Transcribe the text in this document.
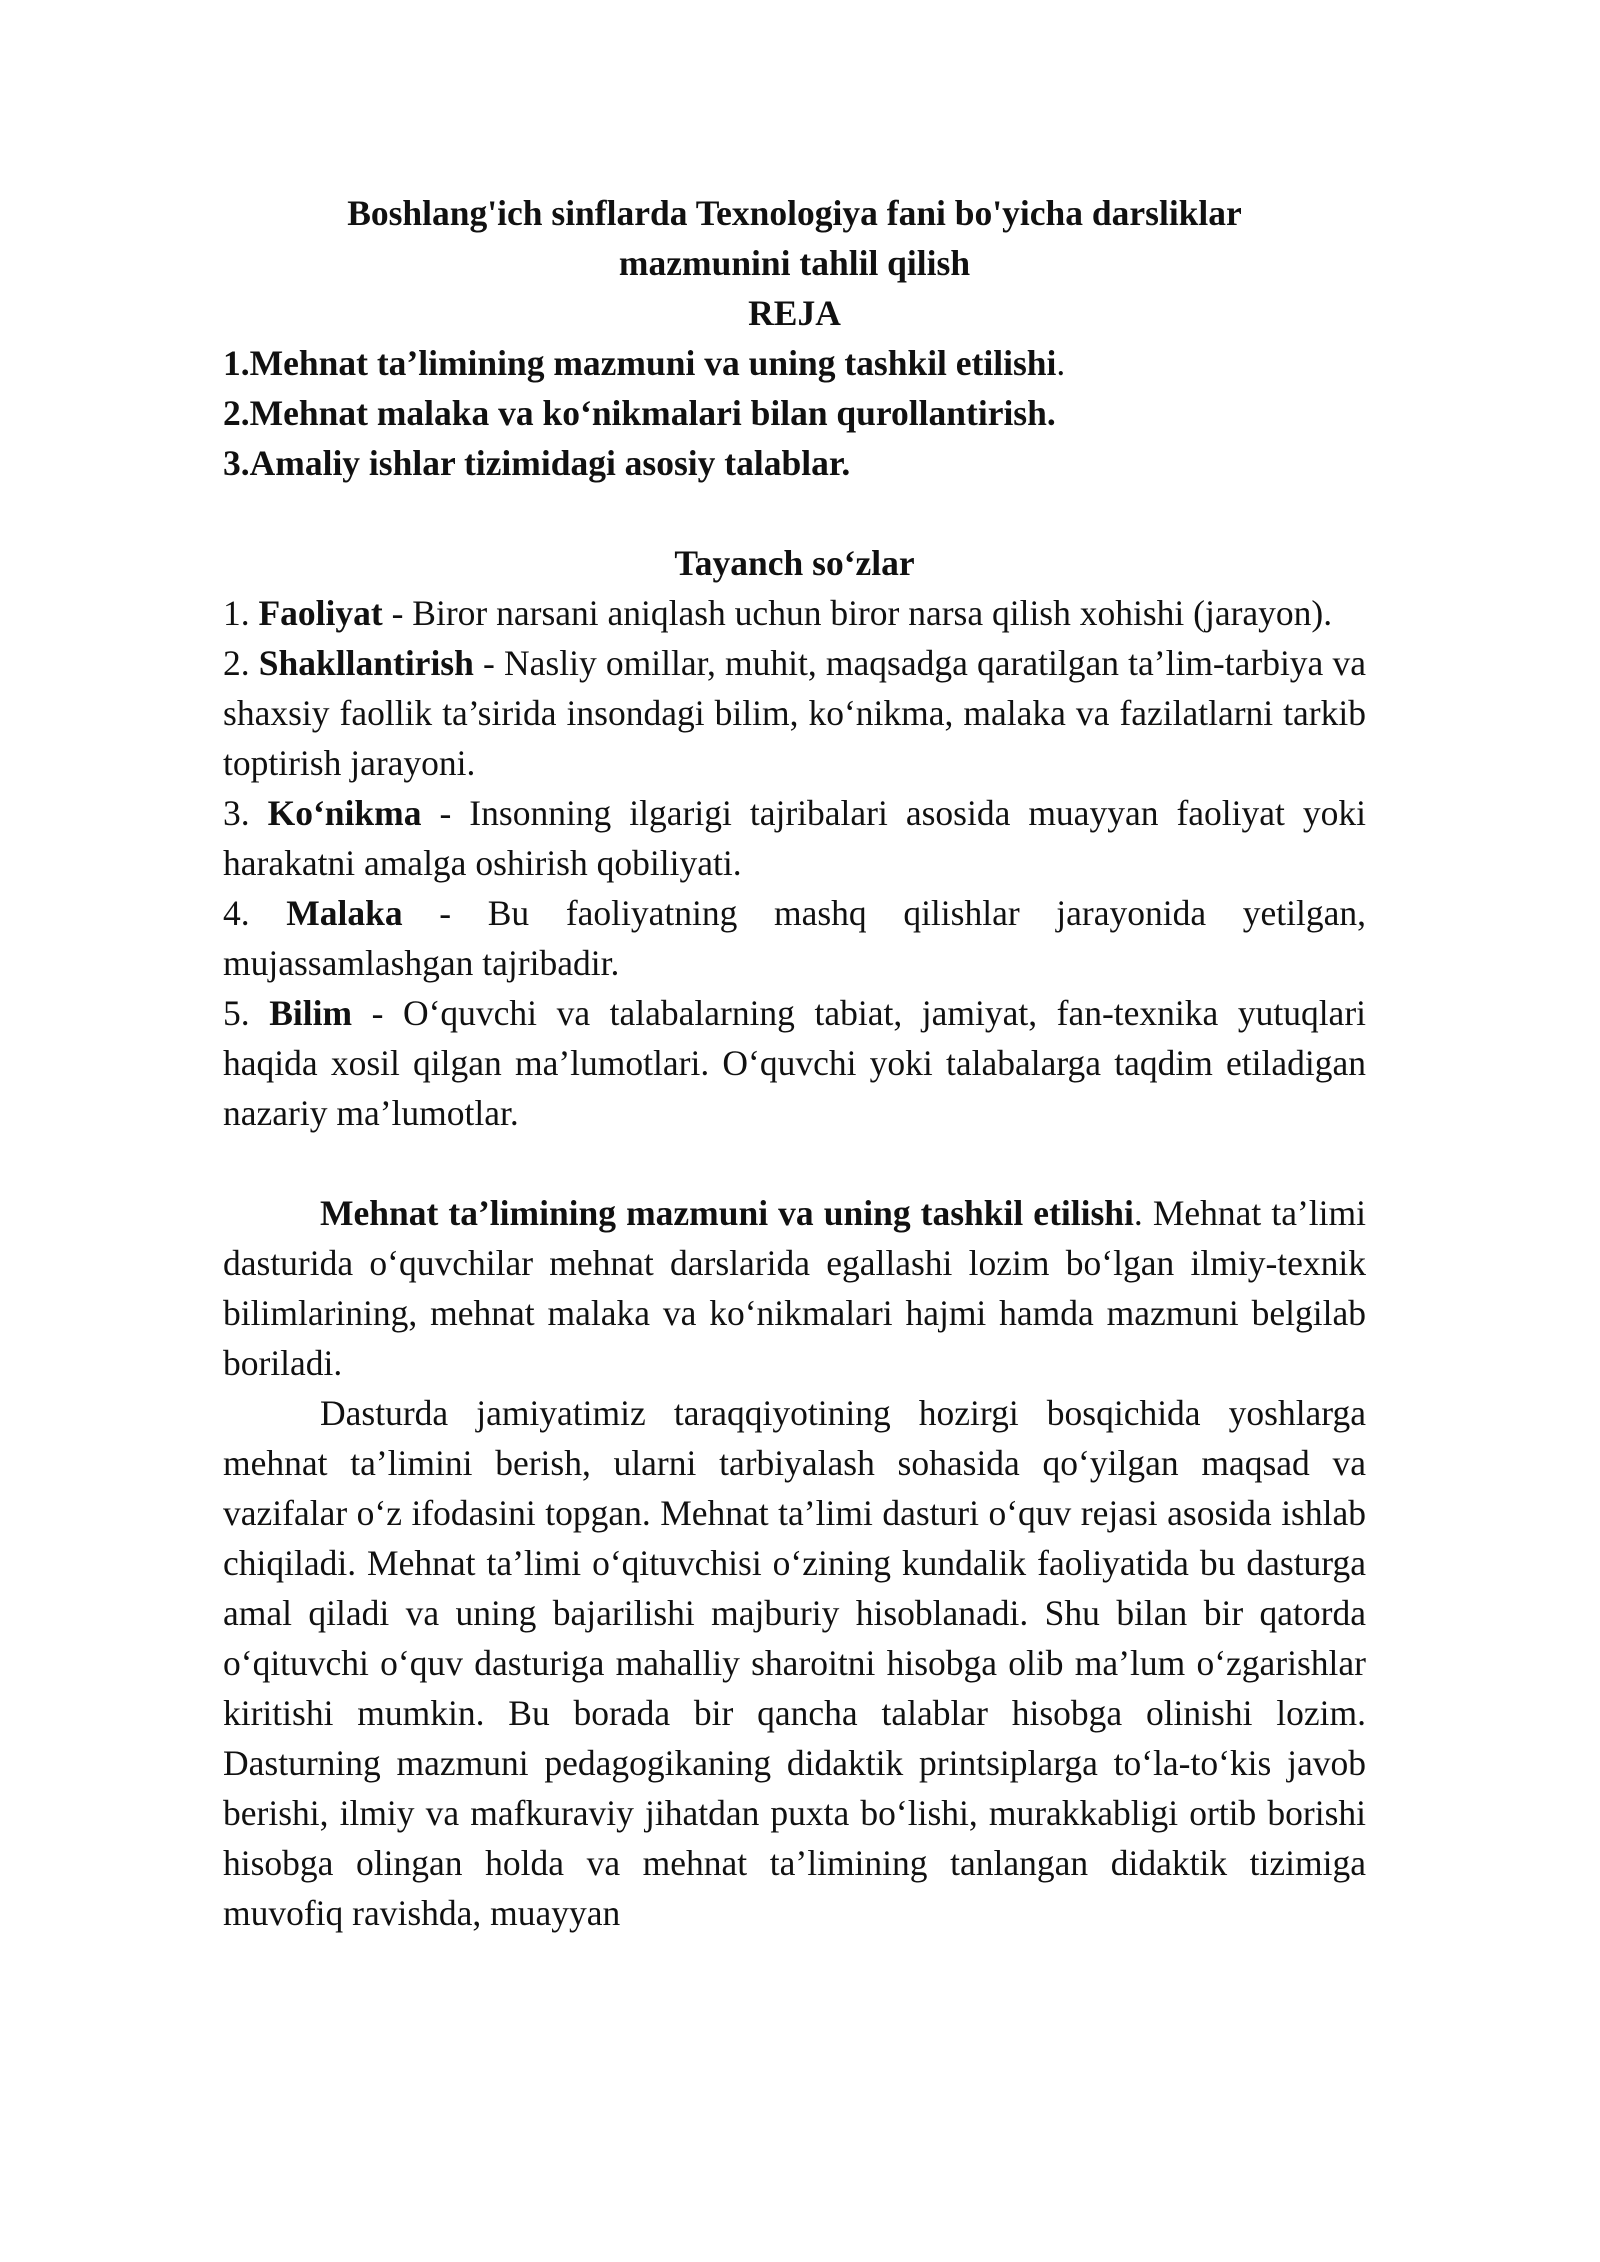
Boshlang'ich sinflarda Texnologiya fani bo'yicha darsliklar
mazmunini tahlil qilish
REJA
1.Mehnat ta’limining mazmuni va uning tashkil etilishi.
2.Mehnat malaka va ko‘nikmalari bilan qurollantirish.
3.Amaliy ishlar tizimidagi asosiy talablar.
Tayanch so‘zlar
1. Faoliyat - Biror narsani aniqlash uchun biror narsa qilish xohishi (jarayon).
2. Shakllantirish - Nasliy omillar, muhit, maqsadga qaratilgan ta’lim-tarbiya va shaxsiy faollik ta’sirida insondagi bilim, ko‘nikma, malaka va fazilatlarni tarkib toptirish jarayoni.
3. Ko‘nikma - Insonning ilgarigi tajribalari asosida muayyan faoliyat yoki harakatni amalga oshirish qobiliyati.
4. Malaka - Bu faoliyatning mashq qilishlar jarayonida yetilgan, mujassamlashgan tajribadir.
5. Bilim - O‘quvchi va talabalarning tabiat, jamiyat, fan-texnika yutuqlari haqida xosil qilgan ma’lumotlari. O‘quvchi yoki talabalarga taqdim etiladigan nazariy ma’lumotlar.
Mehnat ta’limining mazmuni va uning tashkil etilishi. Mehnat ta’limi dasturida o‘quvchilar mehnat darslarida egallashi lozim bo‘lgan ilmiy-texnik bilimlarining, mehnat malaka va ko‘nikmalari hajmi hamda mazmuni belgilab boriladi.
Dasturda jamiyatimiz taraqqiyotining hozirgi bosqichida yoshlarga mehnat ta’limini berish, ularni tarbiyalash sohasida qo‘yilgan maqsad va vazifalar o‘z ifodasini topgan. Mehnat ta’limi dasturi o‘quv rejasi asosida ishlab chiqiladi. Mehnat ta’limi o‘qituvchisi o‘zining kundalik faoliyatida bu dasturga amal qiladi va uning bajarilishi majburiy hisoblanadi. Shu bilan bir qatorda o‘qituvchi o‘quv dasturiga mahalliy sharoitni hisobga olib ma’lum o‘zgarishlar kiritishi mumkin. Bu borada bir qancha talablar hisobga olinishi lozim. Dasturning mazmuni pedagogikaning didaktik printsiplarga to‘la-to‘kis javob berishi, ilmiy va mafkuraviy jihatdan puxta bo‘lishi, murakkabligi ortib borishi hisobga olingan holda va mehnat ta’limining tanlangan didaktik tizimiga muvofiq ravishda, muayyan
